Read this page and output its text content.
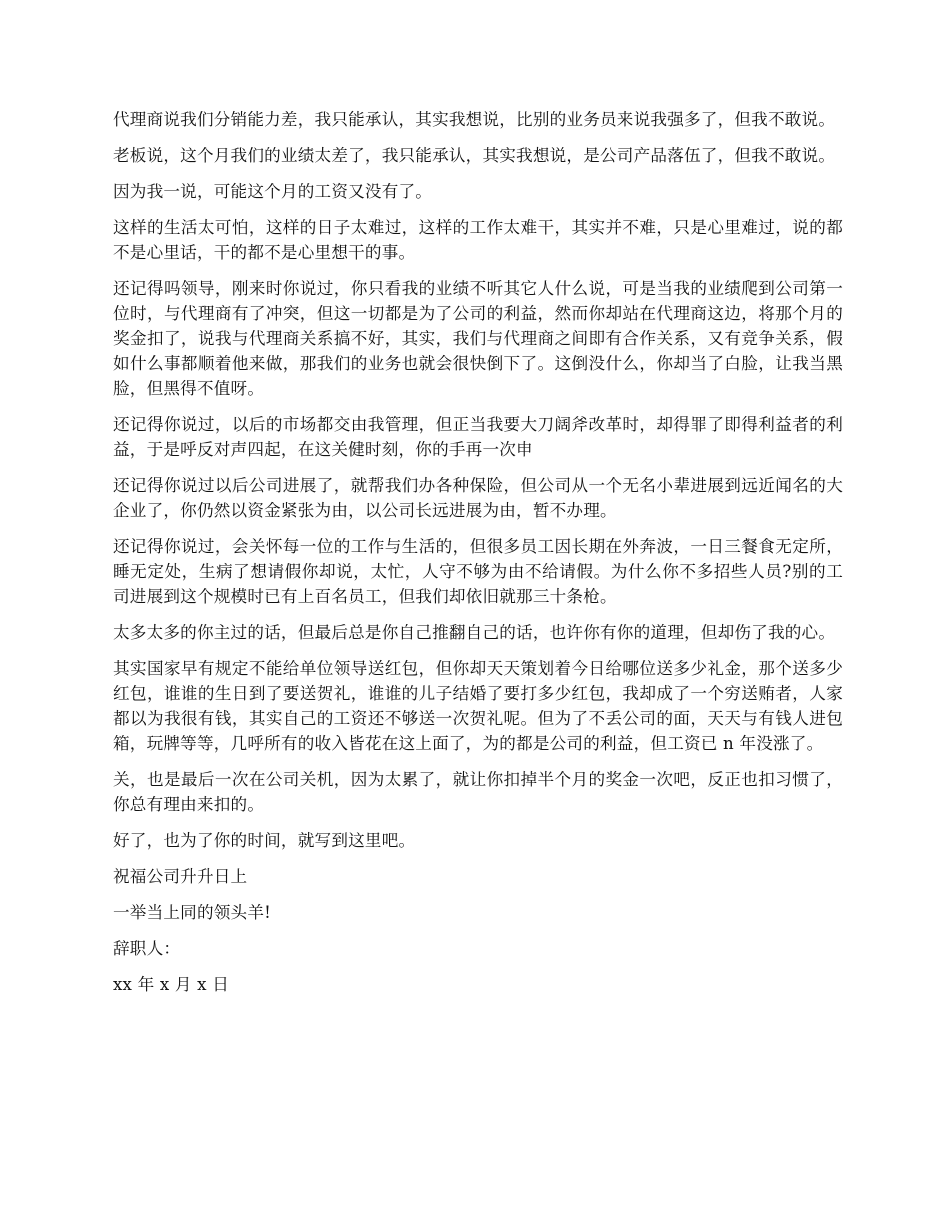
代理商说我们分销能力差，我只能承认，其实我想说，比别的业务员来说我强多了，但我不敢说。

老板说，这个月我们的业绩太差了，我只能承认，其实我想说，是公司产品落伍了，但我不敢说。

因为我一说，可能这个月的工资又没有了。

这样的生活太可怕，这样的日子太难过，这样的工作太难干，其实并不难，只是心里难过，说的都不是心里话，干的都不是心里想干的事。

还记得吗领导，刚来时你说过，你只看我的业绩不听其它人什么说，可是当我的业绩爬到公司第一位时，与代理商有了冲突，但这一切都是为了公司的利益，然而你却站在代理商这边，将那个月的奖金扣了，说我与代理商关系搞不好，其实，我们与代理商之间即有合作关系，又有竞争关系，假如什么事都顺着他来做，那我们的业务也就会很快倒下了。这倒没什么，你却当了白脸，让我当黑脸，但黑得不值呀。

还记得你说过，以后的市场都交由我管理，但正当我要大刀阔斧改革时，却得罪了即得利益者的利益，于是呼反对声四起，在这关健时刻，你的手再一次申

还记得你说过以后公司进展了，就帮我们办各种保险，但公司从一个无名小辈进展到远近闻名的大企业了，你仍然以资金紧张为由，以公司长远进展为由，暂不办理。

还记得你说过，会关怀每一位的工作与生活的，但很多员工因长期在外奔波，一日三餐食无定所，睡无定处，生病了想请假你却说，太忙，人守不够为由不给请假。为什么你不多招些人员?别的工司进展到这个规模时已有上百名员工，但我们却依旧就那三十条枪。

太多太多的你主过的话，但最后总是你自己推翻自己的话，也许你有你的道理，但却伤了我的心。

其实国家早有规定不能给单位领导送红包，但你却天天策划着今日给哪位送多少礼金，那个送多少红包，谁谁的生日到了要送贺礼，谁谁的儿子结婚了要打多少红包，我却成了一个穷送贿者，人家都以为我很有钱，其实自己的工资还不够送一次贺礼呢。但为了不丢公司的面，天天与有钱人进包箱，玩牌等等，几呼所有的收入皆花在这上面了，为的都是公司的利益，但工资已 n 年没涨了。

关，也是最后一次在公司关机，因为太累了，就让你扣掉半个月的奖金一次吧，反正也扣习惯了，你总有理由来扣的。

好了，也为了你的时间，就写到这里吧。

祝福公司升升日上

一举当上同的领头羊!

辞职人：

xx 年 x 月 x 日
